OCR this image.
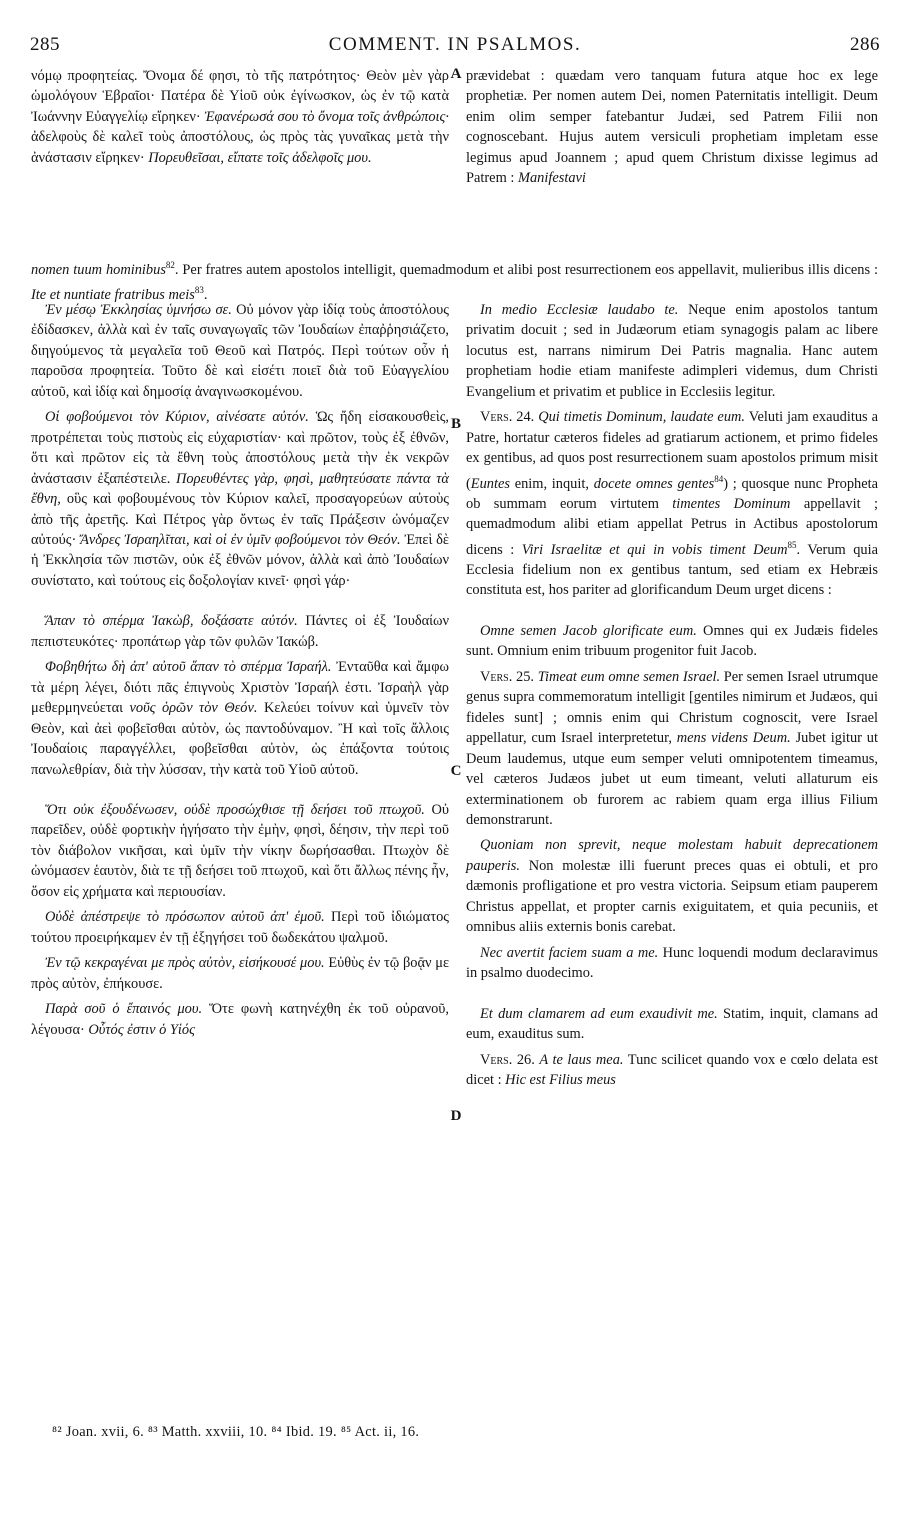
285	COMMENT. IN PSALMOS.	286
A
B
C
D

νόμῳ προφητείας. Ὄνομα δέ φησι, τὸ τῆς πατρότητος· Θεὸν μὲν γὰρ ὡμολόγουν Ἑβραῖοι· Πατέρα δὲ Υἱοῦ οὐκ ἐγίνωσκον, ὡς ἐν τῷ κατὰ Ἰωάννην Εὐαγγελίῳ εἴρηκεν· Ἐφανέρωσά σου τὸ ὄνομα τοῖς ἀνθρώποις· ἀδελφοὺς δὲ καλεῖ τοὺς ἀποστόλους, ὡς πρὸς τὰς γυναῖκας μετὰ τὴν ἀνάστασιν εἴρηκεν· Πορευθεῖσαι, εἴπατε τοῖς ἀδελφοῖς μου.

prævidebat : quædam vero tanquam futura atque hoc ex lege prophetiæ. Per nomen autem Dei, nomen Paternitatis intelligit. Deum enim olim semper fatebantur Judæi, sed Patrem Filii non cognoscebant. Hujus autem versiculi prophetiam impletam esse legimus apud Joannem ; apud quem Christum dixisse legimus ad Patrem : Manifestavi

nomen tuum hominibus$^{82}$. Per fratres autem apostolos intelligit, quemadmodum et alibi post resurrectionem eos appellavit, mulieribus illis dicens : Ite et nuntiate fratribus meis$^{83}$.

Ἐν μέσῳ Ἐκκλησίας ὑμνήσω σε. Οὐ μόνον γὰρ ἰδίᾳ τοὺς ἀποστόλους ἐδίδασκεν, ἀλλὰ καὶ ἐν ταῖς συναγωγαῖς τῶν Ἰουδαίων ἐπαῤῥησιάζετο, διηγούμενος τὰ μεγαλεῖα τοῦ Θεοῦ καὶ Πατρός. Περὶ τούτων οὖν ἡ παροῦσα προφητεία. Τοῦτο δὲ καὶ εἰσέτι ποιεῖ διὰ τοῦ Εὐαγγελίου αὐτοῦ, καὶ ἰδίᾳ καὶ δημοσίᾳ ἀναγινωσκομένου.

Οἱ φοβούμενοι τὸν Κύριον, αἰνέσατε αὐτόν. Ὡς ἤδη εἰσακουσθεὶς, προτρέπεται τοὺς πιστοὺς εἰς εὐχαριστίαν· καὶ πρῶτον, τοὺς ἐξ ἐθνῶν, ὅτι καὶ πρῶτον εἰς τὰ ἔθνη τοὺς ἀποστόλους μετὰ τὴν ἐκ νεκρῶν ἀνάστασιν ἐξαπέστειλε. Πορευθέντες γὰρ, φησὶ, μαθητεύσατε πάντα τὰ ἔθνη, οὓς καὶ φοβουμένους τὸν Κύριον καλεῖ, προσαγορεύων αὐτοὺς ἀπὸ τῆς ἀρετῆς. Καὶ Πέτρος γὰρ ὄντως ἐν ταῖς Πράξεσιν ὠνόμαζεν αὐτούς· Ἄνδρες Ἰσραηλῖται, καὶ οἱ ἐν ὑμῖν φοβούμενοι τὸν Θεόν. Ἐπεὶ δὲ ἡ Ἐκκλησία τῶν πιστῶν, οὐκ ἐξ ἐθνῶν μόνον, ἀλλὰ καὶ ἀπὸ Ἰουδαίων συνίστατο, καὶ τούτους εἰς δοξολογίαν κινεῖ· φησὶ γάρ·

Ἅπαν τὸ σπέρμα Ἰακὼβ, δοξάσατε αὐτόν. Πάντες οἱ ἐξ Ἰουδαίων πεπιστευκότες· προπάτωρ γὰρ τῶν φυλῶν Ἰακώβ.

Φοβηθήτω δὴ ἀπ' αὐτοῦ ἅπαν τὸ σπέρμα Ἰσραήλ. Ἐνταῦθα καὶ ἄμφω τὰ μέρη λέγει, διότι πᾶς ἐπιγνοὺς Χριστὸν Ἰσραήλ ἐστι. Ἰσραὴλ γὰρ μεθερμηνεύεται νοῦς ὁρῶν τὸν Θεόν. Κελεύει τοίνυν καὶ ὑμνεῖν τὸν Θεὸν, καὶ ἀεὶ φοβεῖσθαι αὐτὸν, ὡς παντοδύναμον. Ἢ καὶ τοῖς ἄλλοις Ἰουδαίοις παραγγέλλει, φοβεῖσθαι αὐτὸν, ὡς ἐπάξοντα τούτοις πανωλεθρίαν, διὰ τὴν λύσσαν, τὴν κατὰ τοῦ Υἱοῦ αὐτοῦ.

Ὅτι οὐκ ἐξουδένωσεν, οὐδὲ προσώχθισε τῇ δεήσει τοῦ πτωχοῦ. Οὐ παρεῖδεν, οὐδὲ φορτικὴν ἡγήσατο τὴν ἐμὴν, φησὶ, δέησιν, τὴν περὶ τοῦ τὸν διάβολον νικῆσαι, καὶ ὑμῖν τὴν νίκην δωρήσασθαι. Πτωχὸν δὲ ὠνόμασεν ἑαυτὸν, διὰ τε τῇ δεήσει τοῦ πτωχοῦ, καὶ ὅτι ἄλλως πένης ἦν, ὅσον εἰς χρήματα καὶ περιουσίαν.

Οὐδὲ ἀπέστρεψε τὸ πρόσωπον αὐτοῦ ἀπ' ἐμοῦ. Περὶ τοῦ ἰδιώματος τούτου προειρήκαμεν ἐν τῇ ἐξηγήσει τοῦ δωδεκάτου ψαλμοῦ.

Ἐν τῷ κεκραγέναι με πρὸς αὐτὸν, εἰσήκουσέ μου. Εὐθὺς ἐν τῷ βοᾷν με πρὸς αὐτὸν, ἐπήκουσε.

Παρὰ σοῦ ὁ ἔπαινός μου. Ὅτε φωνὴ κατηνέχθη ἐκ τοῦ οὐρανοῦ, λέγουσα· Οὗτός ἐστιν ὁ Υἱός

In medio Ecclesiæ laudabo te. Neque enim apostolos tantum privatim docuit ; sed in Judæorum etiam synagogis palam ac libere locutus est, narrans nimirum Dei Patris magnalia. Hanc autem prophetiam hodie etiam manifeste adimpleri videmus, dum Christi Evangelium et privatim et publice in Ecclesiis legitur.

Vers. 24. Qui timetis Dominum, laudate eum. Veluti jam exauditus a Patre, hortatur cæteros fideles ad gratiarum actionem, et primo fideles ex gentibus, ad quos post resurrectionem suam apostolos primum misit (Euntes enim, inquit, docete omnes gentes$^{84}$) ; quosque nunc Propheta ob summam eorum virtutem timentes Dominum appellavit ; quemadmodum alibi etiam appellat Petrus in Actibus apostolorum dicens : Viri Israelitæ et qui in vobis timent Deum$^{85}$. Verum quia Ecclesia fidelium non ex gentibus tantum, sed etiam ex Hebræis constituta est, hos pariter ad glorificandum Deum urget dicens :

Omne semen Jacob glorificate eum. Omnes qui ex Judæis fideles sunt. Omnium enim tribuum progenitor fuit Jacob.

Vers. 25. Timeat eum omne semen Israel. Per semen Israel utrumque genus supra commemoratum intelligit [gentiles nimirum et Judæos, qui fideles sunt] ; omnis enim qui Christum cognoscit, vere Israel appellatur, cum Israel interpretetur, mens videns Deum. Jubet igitur ut Deum laudemus, utque eum semper veluti omnipotentem timeamus, vel cæteros Judæos jubet ut eum timeant, veluti allaturum eis exterminationem ob furorem ac rabiem quam erga illius Filium demonstrarunt.

Quoniam non sprevit, neque molestam habuit deprecationem pauperis. Non molestæ illi fuerunt preces quas ei obtuli, et pro dæmonis profligatione et pro vestra victoria. Seipsum etiam pauperem Christus appellat, et propter carnis exiguitatem, et quia pecuniis, et omnibus aliis externis bonis carebat.

Nec avertit faciem suam a me. Hunc loquendi modum declaravimus in psalmo duodecimo.

Et dum clamarem ad eum exaudivit me. Statim, inquit, clamans ad eum, exauditus sum.

Vers. 26. A te laus mea. Tunc scilicet quando vox e cœlo delata est dicet : Hic est Filius meus

⁸² Joan. xvii, 6. ⁸³ Matth. xxviii, 10. ⁸⁴ Ibid. 19. ⁸⁵ Act. ii, 16.
